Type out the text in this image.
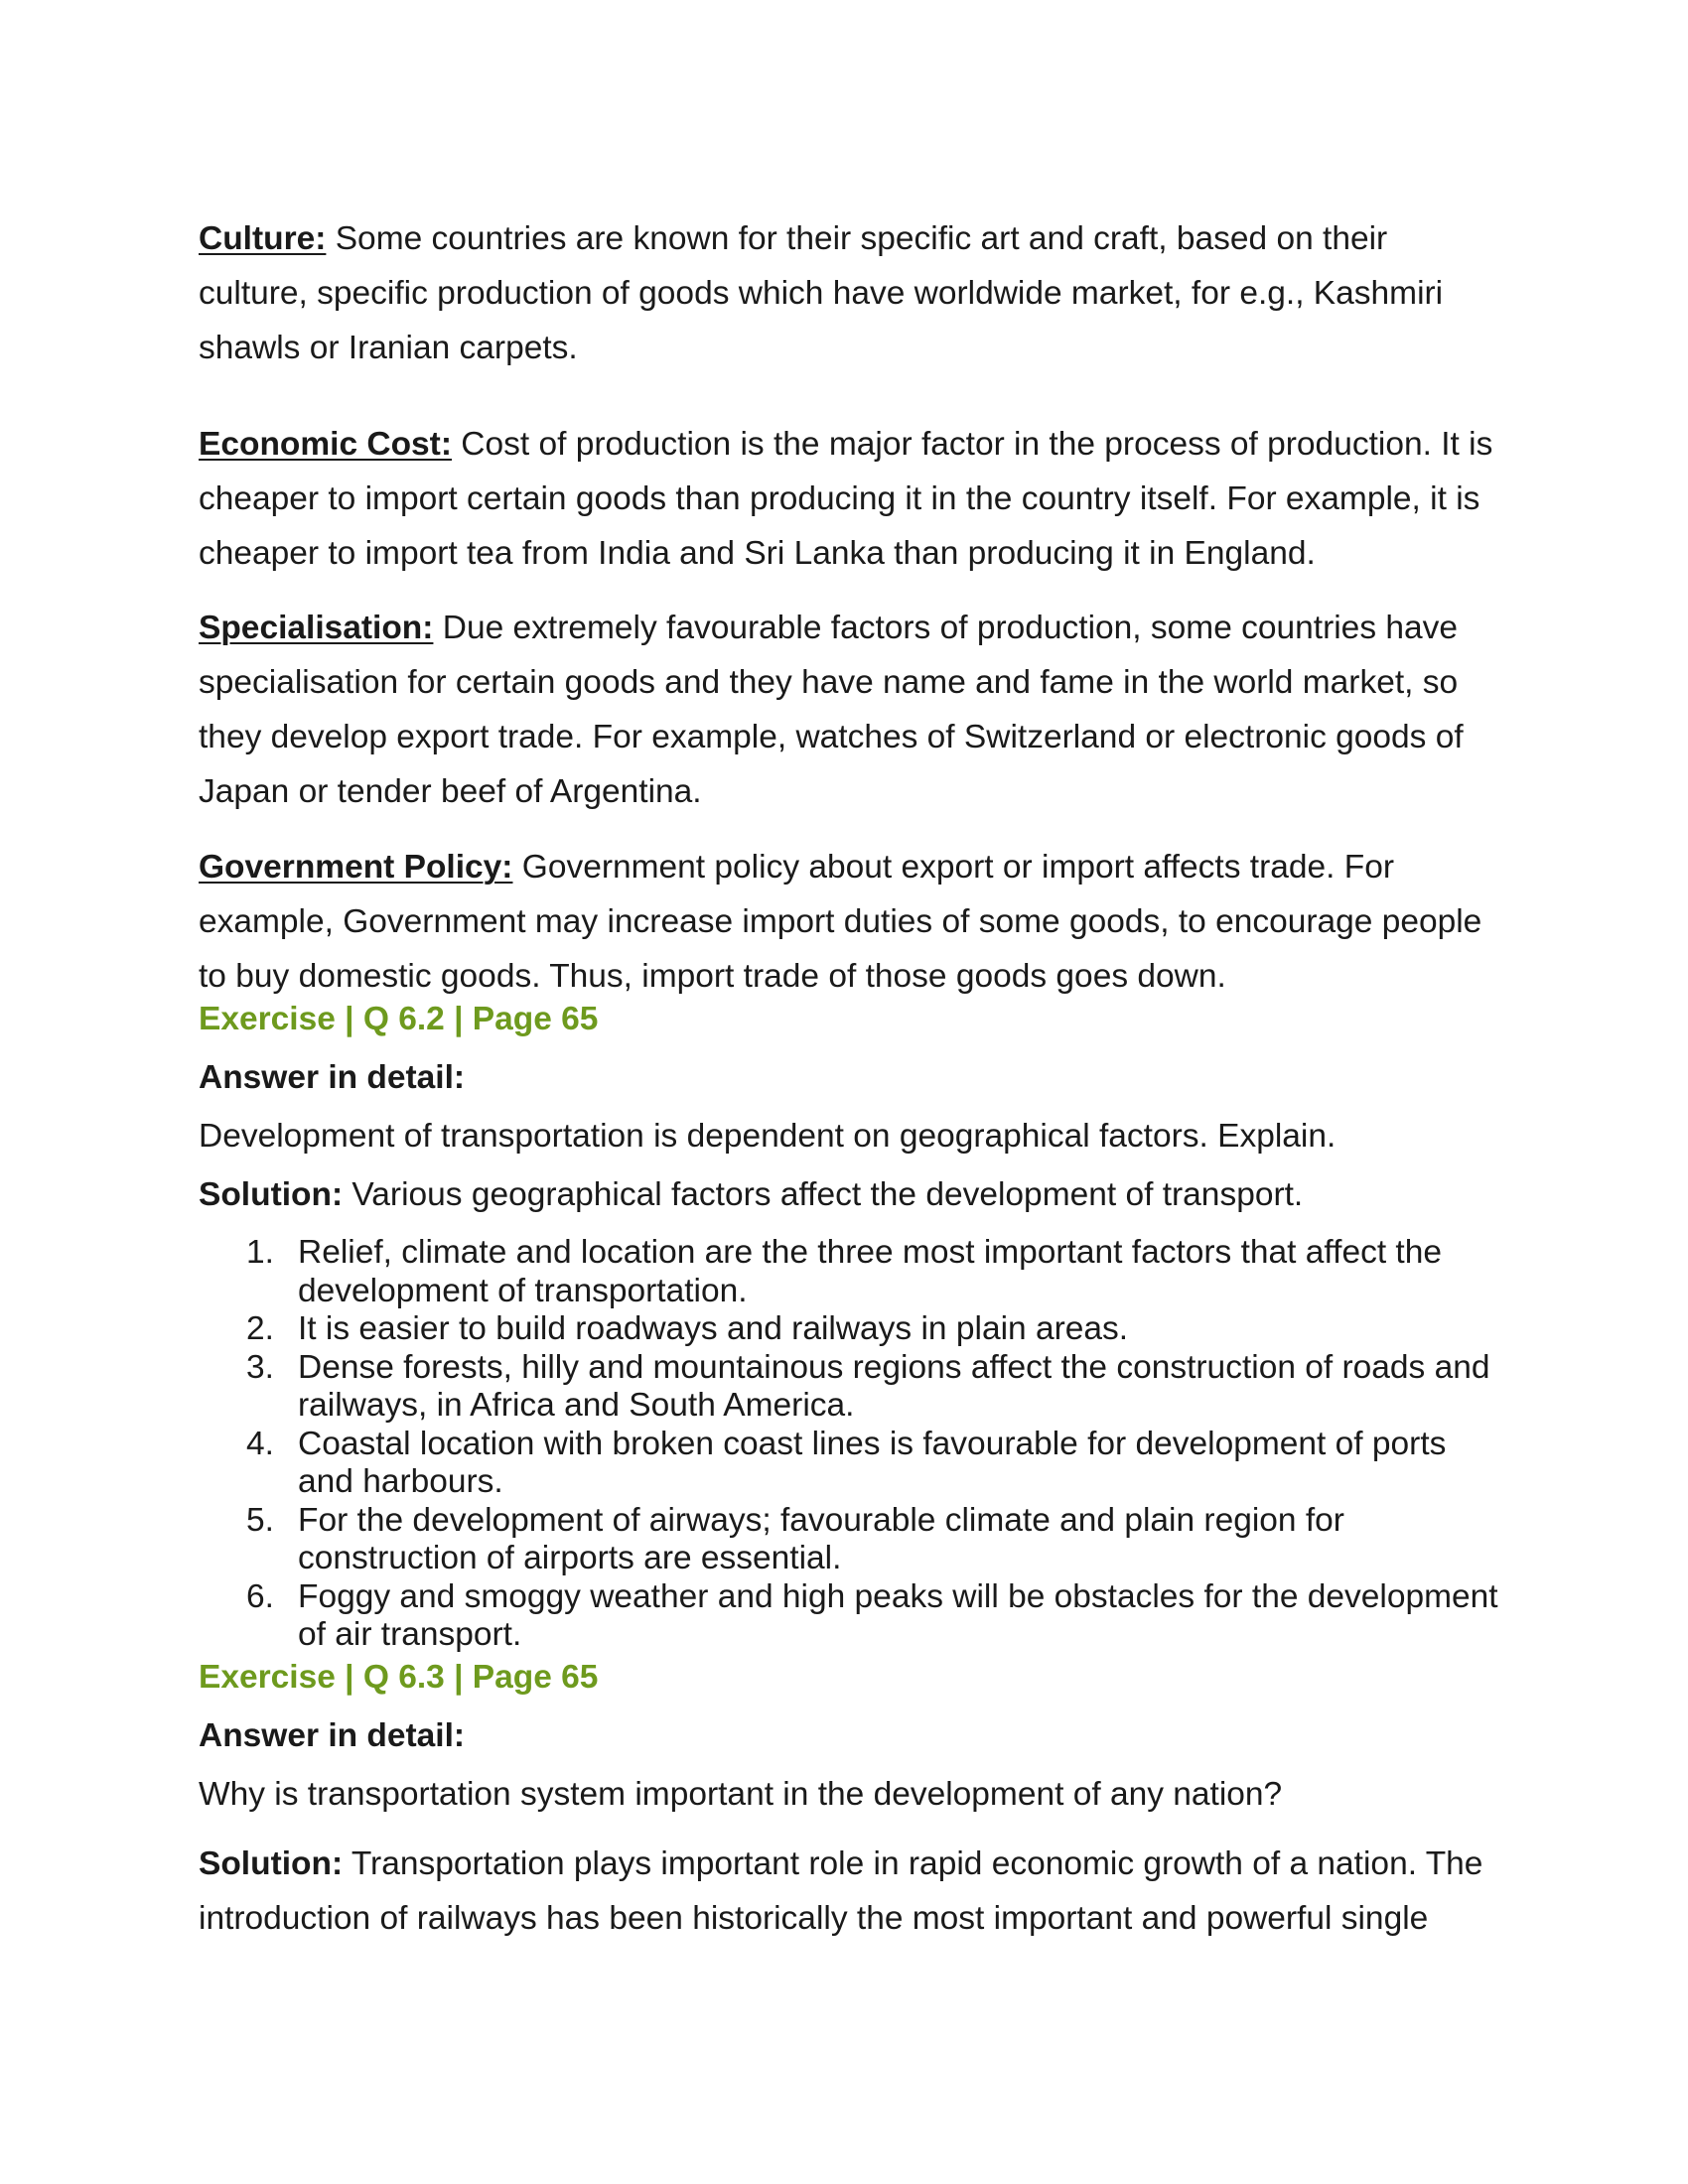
Culture: Some countries are known for their specific art and craft, based on their culture, specific production of goods which have worldwide market, for e.g., Kashmiri shawls or Iranian carpets.

Economic Cost: Cost of production is the major factor in the process of production. It is cheaper to import certain goods than producing it in the country itself. For example, it is cheaper to import tea from India and Sri Lanka than producing it in England.

Specialisation: Due extremely favourable factors of production, some countries have specialisation for certain goods and they have name and fame in the world market, so they develop export trade. For example, watches of Switzerland or electronic goods of Japan or tender beef of Argentina.

Government Policy: Government policy about export or import affects trade. For example, Government may increase import duties of some goods, to encourage people to buy domestic goods. Thus, import trade of those goods goes down.

Exercise | Q 6.2 | Page 65

Answer in detail:

Development of transportation is dependent on geographical factors. Explain.

Solution: Various geographical factors affect the development of transport.

1. Relief, climate and location are the three most important factors that affect the development of transportation.
2. It is easier to build roadways and railways in plain areas.
3. Dense forests, hilly and mountainous regions affect the construction of roads and railways, in Africa and South America.
4. Coastal location with broken coast lines is favourable for development of ports and harbours.
5. For the development of airways; favourable climate and plain region for construction of airports are essential.
6. Foggy and smoggy weather and high peaks will be obstacles for the development of air transport.

Exercise | Q 6.3 | Page 65

Answer in detail:

Why is transportation system important in the development of any nation?

Solution: Transportation plays important role in rapid economic growth of a nation. The introduction of railways has been historically the most important and powerful single
